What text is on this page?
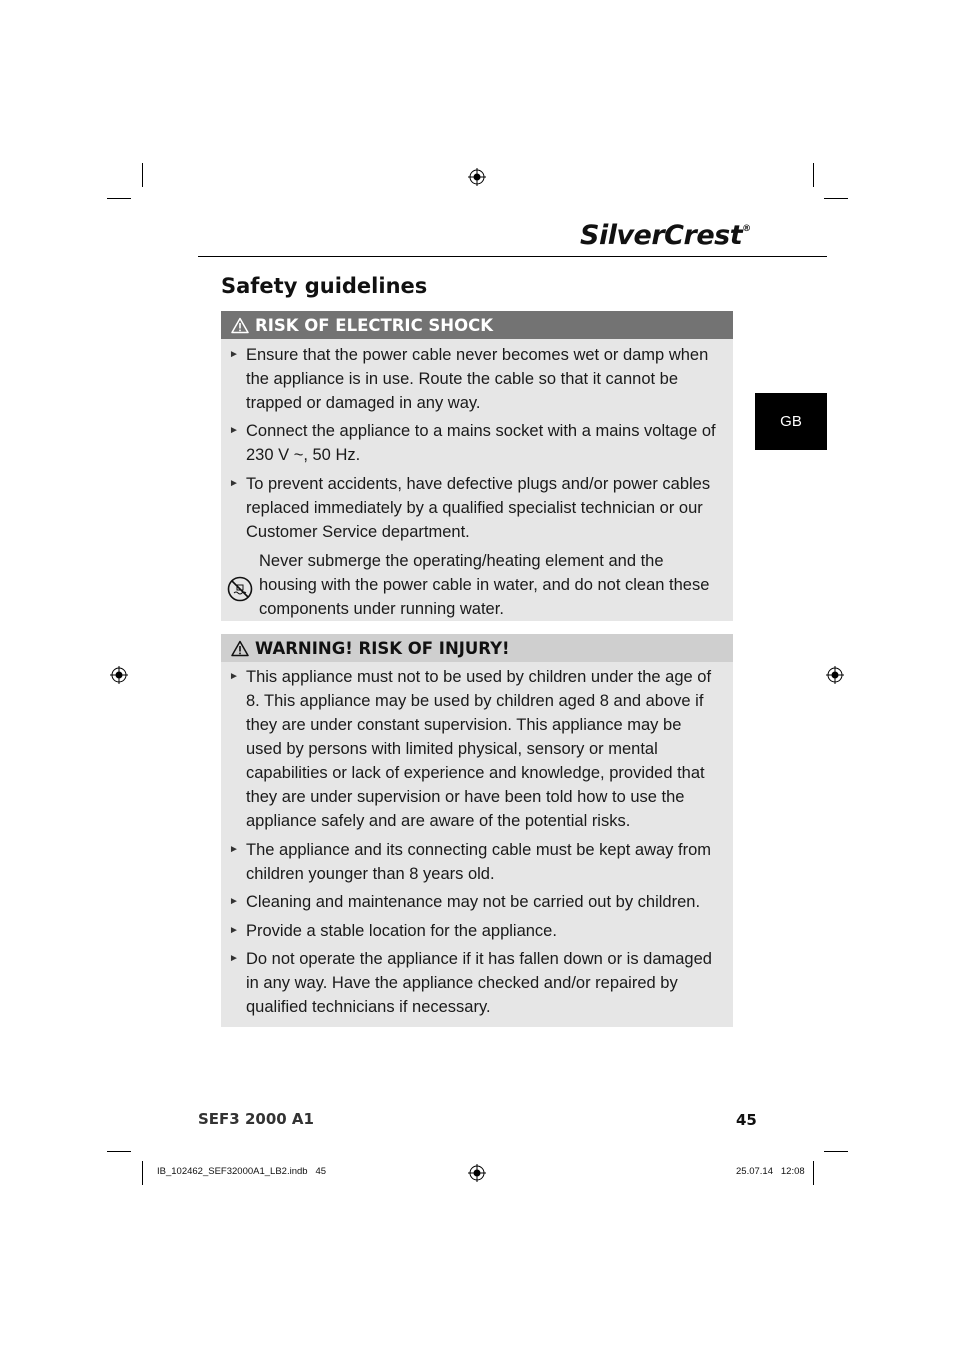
SilverCrest®
Safety guidelines
GB
RISK OF ELECTRIC SHOCK
► Ensure that the power cable never becomes wet or damp when the appliance is in use. Route the cable so that it cannot be trapped or damaged in any way.
► Connect the appliance to a mains socket with a mains voltage of 230 V ~, 50 Hz.
► To prevent accidents, have defective plugs and/or power cables replaced immediately by a qualified specialist technician or our Customer Service department.
Never submerge the operating/heating element and the housing with the power cable in water, and do not clean these components under running water.
WARNING! RISK OF INJURY!
► This appliance must not to be used by children under the age of 8. This appliance may be used by children aged 8 and above if they are under constant supervision. This appliance may be used by persons with limited physical, sensory or mental capabilities or lack of experience and knowledge, provided that they are under supervision or have been told how to use the appliance safely and are aware of the potential risks.
► The appliance and its connecting cable must be kept away from children younger than 8 years old.
► Cleaning and maintenance may not be carried out by children.
► Provide a stable location for the appliance.
► Do not operate the appliance if it has fallen down or is damaged in any way. Have the appliance checked and/or repaired by qualified technicians if necessary.
SEF3 2000 A1	45
IB_102462_SEF32000A1_LB2.indb   45	25.07.14   12:08
